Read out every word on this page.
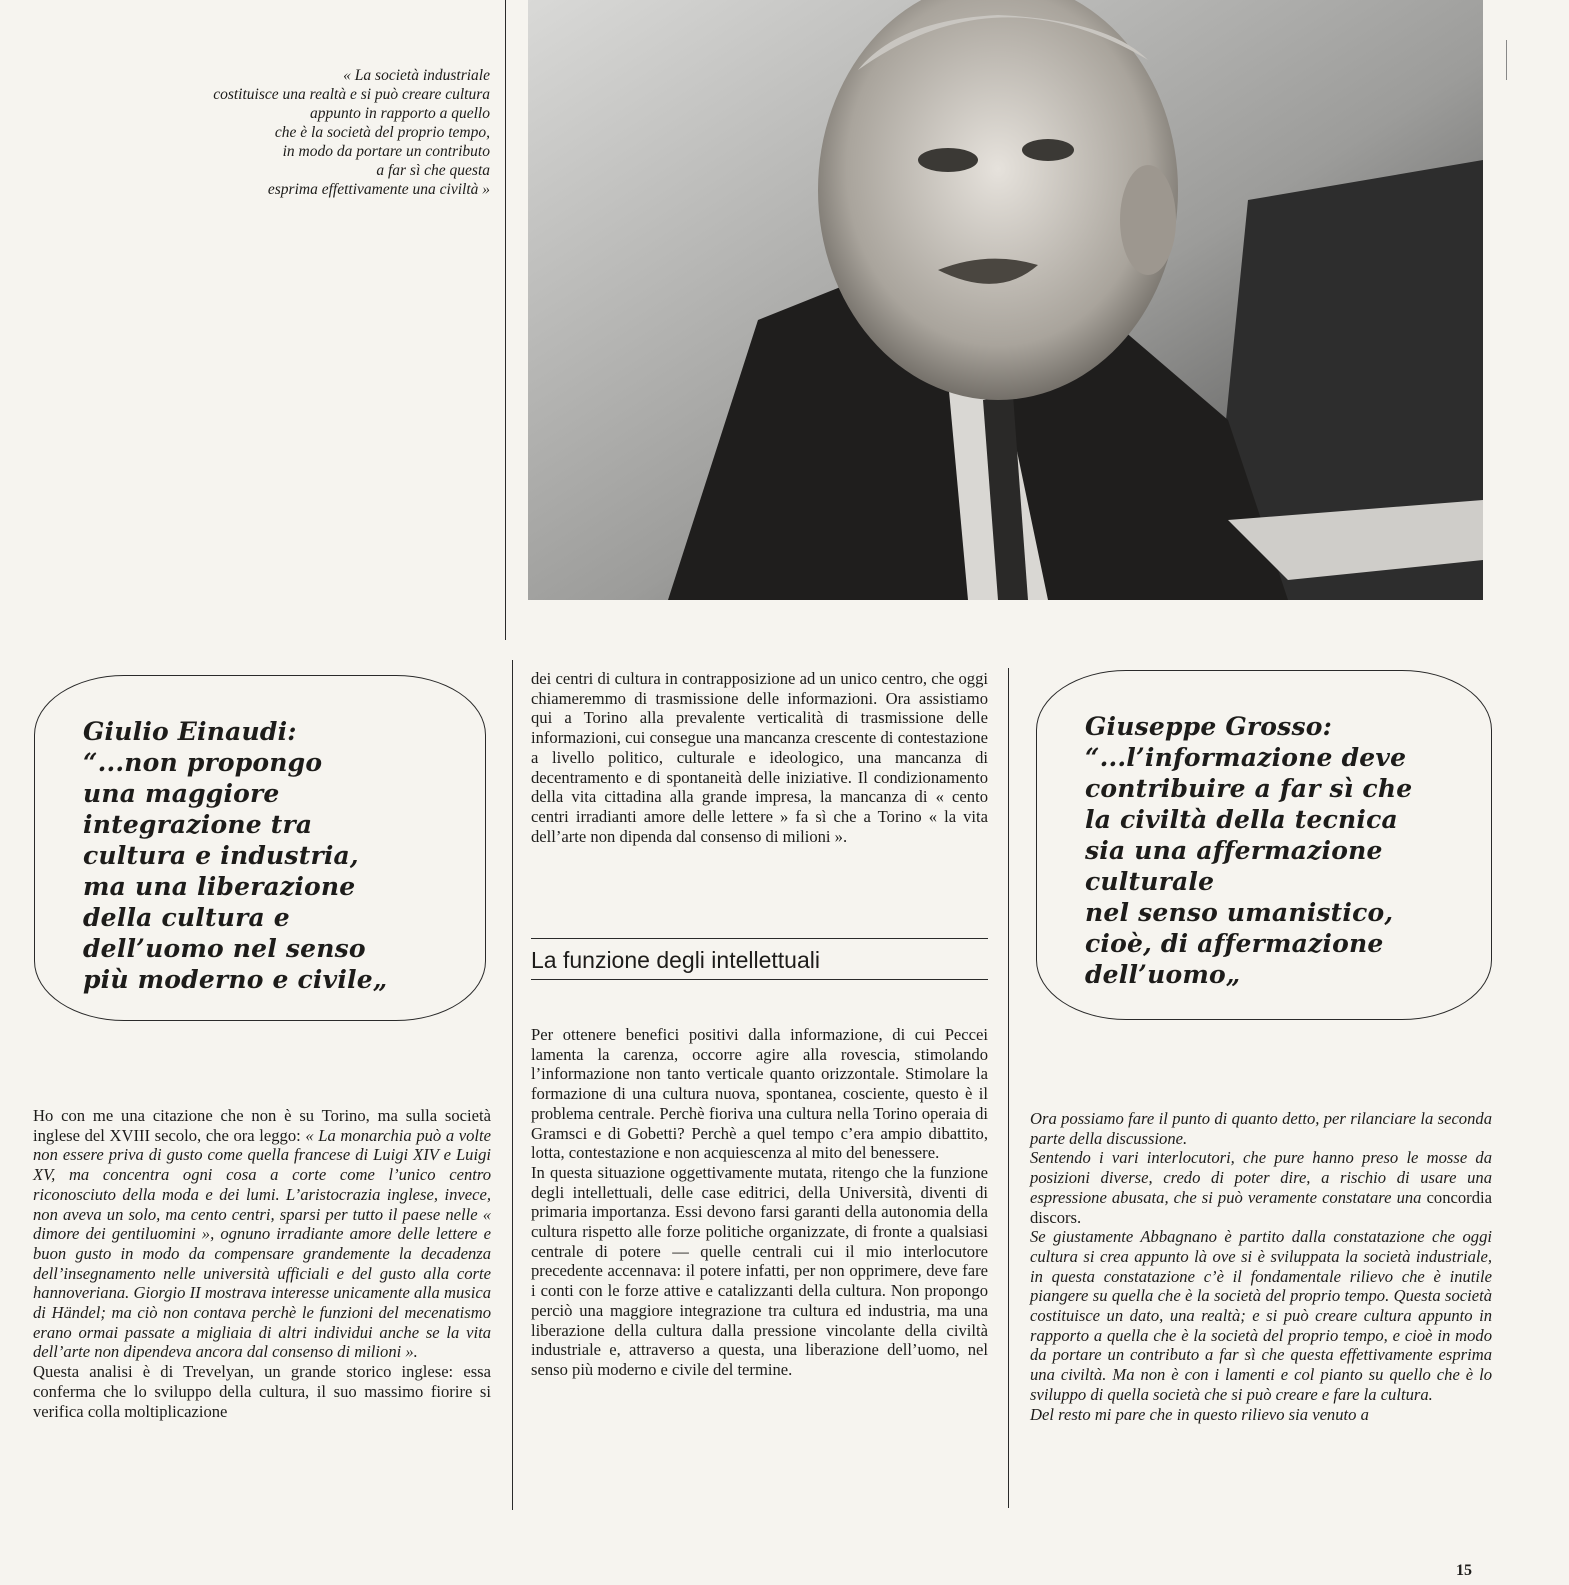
« La società industriale
costituisce una realtà e si può creare cultura
appunto in rapporto a quello
che è la società del proprio tempo,
in modo da portare un contributo
a far sì che questa
esprima effettivamente una civiltà »
Giulio Einaudi:
“...non propongo
una maggiore
integrazione tra
cultura e industria,
ma una liberazione
della cultura e
dell’uomo nel senso
più moderno e civile„
Giuseppe Grosso:
“...l’informazione deve
contribuire a far sì che
la civiltà della tecnica
sia una affermazione
culturale
nel senso umanistico,
cioè, di affermazione
dell’uomo„

Ho con me una citazione che non è su Torino, ma sulla società inglese del XVIII secolo, che ora leggo: « La monarchia può a volte non essere priva di gusto come quella francese di Luigi XIV e Luigi XV, ma concentra ogni cosa a corte come l’unico centro riconosciuto della moda e dei lumi. L’aristocrazia inglese, invece, non aveva un solo, ma cento centri, sparsi per tutto il paese nelle « dimore dei gentiluomini », ognuno irradiante amore delle lettere e buon gusto in modo da compensare grandemente la decadenza dell’insegnamento nelle università ufficiali e del gusto alla corte hannoveriana. Giorgio II mostrava interesse unicamente alla musica di Händel; ma ciò non contava perchè le funzioni del mecenatismo erano ormai passate a migliaia di altri individui anche se la vita dell’arte non dipendeva ancora dal consenso di milioni ».

Questa analisi è di Trevelyan, un grande storico inglese: essa conferma che lo sviluppo della cultura, il suo massimo fiorire si verifica colla moltiplicazione

dei centri di cultura in contrapposizione ad un unico centro, che oggi chiameremmo di trasmissione delle informazioni. Ora assistiamo qui a Torino alla prevalente verticalità di trasmissione delle informazioni, cui consegue una mancanza crescente di contestazione a livello politico, culturale e ideologico, una mancanza di decentramento e di spontaneità delle iniziative. Il condizionamento della vita cittadina alla grande impresa, la mancanza di « cento centri irradianti amore delle lettere » fa sì che a Torino « la vita dell’arte non dipenda dal consenso di milioni ».

La funzione degli intellettuali

Per ottenere benefici positivi dalla informazione, di cui Peccei lamenta la carenza, occorre agire alla rovescia, stimolando l’informazione non tanto verticale quanto orizzontale. Stimolare la formazione di una cultura nuova, spontanea, cosciente, questo è il problema centrale. Perchè fioriva una cultura nella Torino operaia di Gramsci e di Gobetti? Perchè a quel tempo c’era ampio dibattito, lotta, contestazione e non acquiescenza al mito del benessere.

In questa situazione oggettivamente mutata, ritengo che la funzione degli intellettuali, delle case editrici, della Università, diventi di primaria importanza. Essi devono farsi garanti della autonomia della cultura rispetto alle forze politiche organizzate, di fronte a qualsiasi centrale di potere — quelle centrali cui il mio interlocutore precedente accennava: il potere infatti, per non opprimere, deve fare i conti con le forze attive e catalizzanti della cultura. Non propongo perciò una maggiore integrazione tra cultura ed industria, ma una liberazione della cultura dalla pressione vincolante della civiltà industriale e, attraverso a questa, una liberazione dell’uomo, nel senso più moderno e civile del termine.

Ora possiamo fare il punto di quanto detto, per rilanciare la seconda parte della discussione.

Sentendo i vari interlocutori, che pure hanno preso le mosse da posizioni diverse, credo di poter dire, a rischio di usare una espressione abusata, che si può veramente constatare una concordia discors.

Se giustamente Abbagnano è partito dalla constatazione che oggi cultura si crea appunto là ove si è sviluppata la società industriale, in questa constatazione c’è il fondamentale rilievo che è inutile piangere su quella che è la società del proprio tempo. Questa società costituisce un dato, una realtà; e si può creare cultura appunto in rapporto a quella che è la società del proprio tempo, e cioè in modo da portare un contributo a far sì che questa effettivamente esprima una civiltà. Ma non è con i lamenti e col pianto su quello che è lo sviluppo di quella società che si può creare e fare la cultura.

Del resto mi pare che in questo rilievo sia venuto a

15
